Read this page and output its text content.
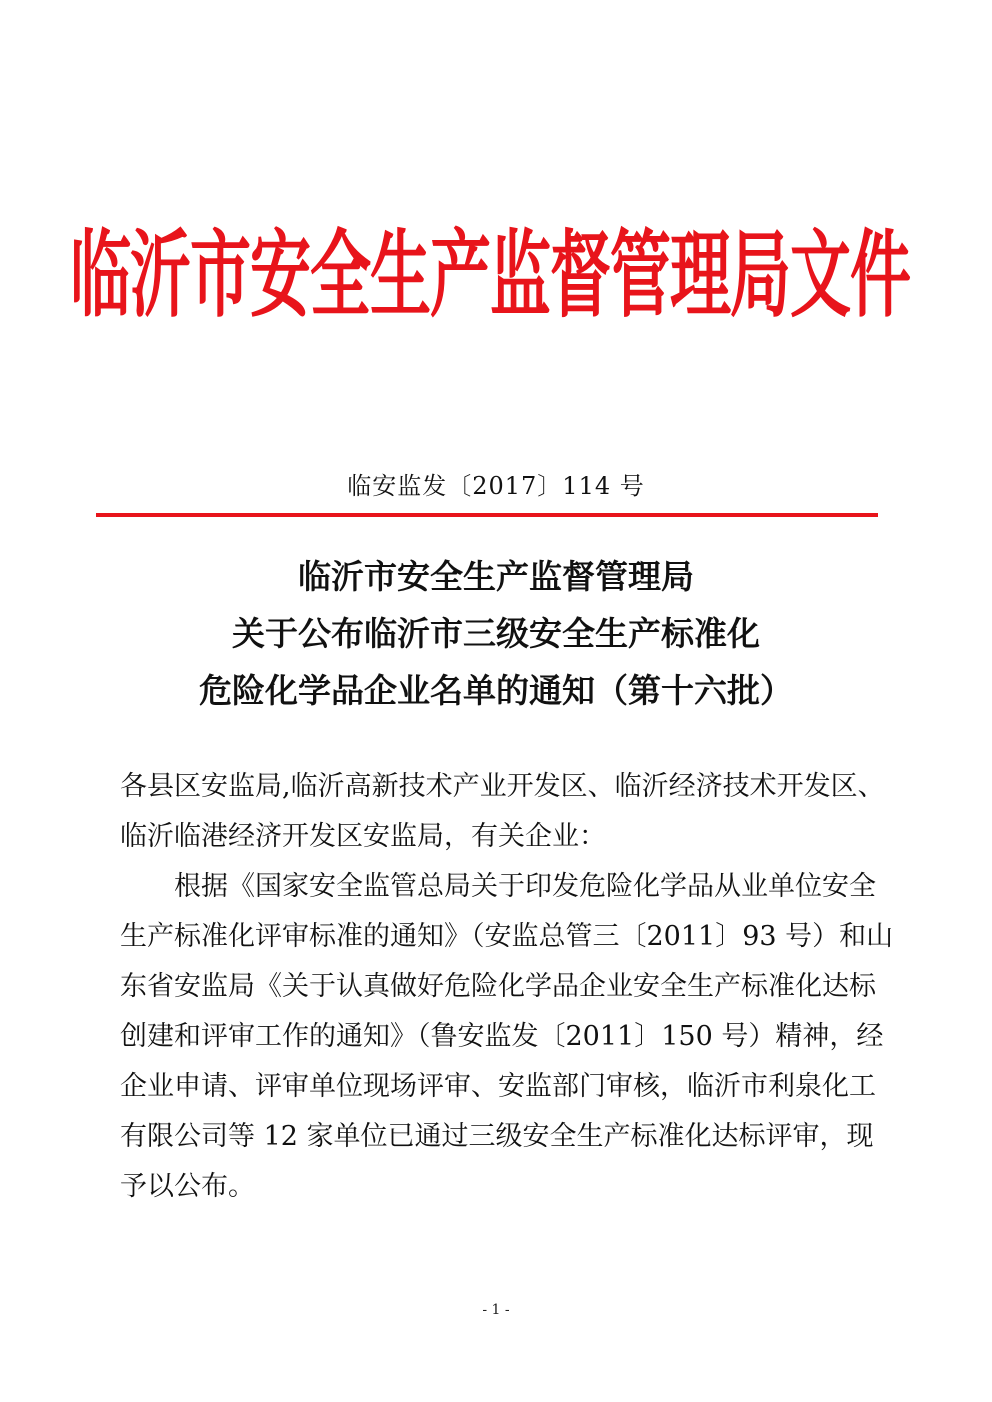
临沂市安全生产监督管理局文件
临安监发〔2017〕114 号
临沂市安全生产监督管理局
关于公布临沂市三级安全生产标准化
危险化学品企业名单的通知（第十六批）
各县区安监局,临沂高新技术产业开发区、临沂经济技术开发区、
临沂临港经济开发区安监局，有关企业：
根据《国家安全监管总局关于印发危险化学品从业单位安全
生产标准化评审标准的通知》（安监总管三〔2011〕93 号）和山
东省安监局《关于认真做好危险化学品企业安全生产标准化达标
创建和评审工作的通知》（鲁安监发〔2011〕150 号）精神，经
企业申请、评审单位现场评审、安监部门审核，临沂市利泉化工
有限公司等 12 家单位已通过三级安全生产标准化达标评审，现
予以公布。
- 1 -
